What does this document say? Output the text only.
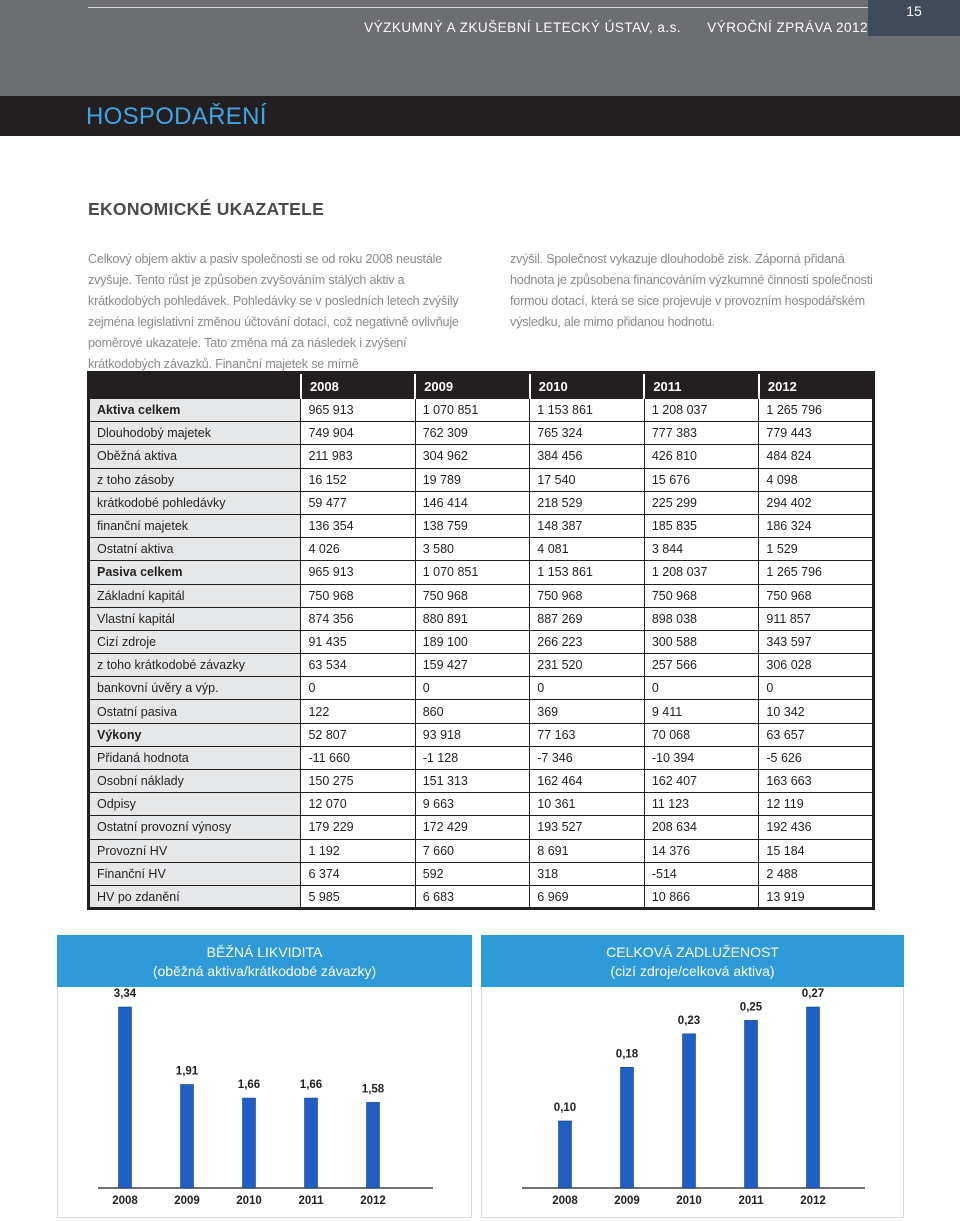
15
VÝZKUMNÝ A ZKUŠEBNÍ LETECKÝ ÚSTAV, a.s. VÝROČNÍ ZPRÁVA 2012
HOSPODAŘENÍ
EKONOMICKÉ UKAZATELE
Celkový objem aktiv a pasiv společnosti se od roku 2008 neustále zvyšuje. Tento růst je způsoben zvyšováním stálých aktiv a krátkodobých pohledávek. Pohledávky se v posledních letech zvýšily zejména legislativní změnou účtování dotací, což negativně ovlivňuje poměrové ukazatele. Tato změna má za následek i zvýšení krátkodobých závazků. Finanční majetek se mírně
zvýšil. Společnost vykazuje dlouhodobě zisk. Záporná přidaná hodnota je způsobena financováním výzkumné činnosti společnosti formou dotací, která se sice projevuje v provozním hospodářském výsledku, ale mimo přidanou hodnotu.
	2008	2009	2010	2011	2012
Aktiva celkem	965 913	1 070 851	1 153 861	1 208 037	1 265 796
Dlouhodobý majetek	749 904	762 309	765 324	777 383	779 443
Oběžná aktiva	211 983	304 962	384 456	426 810	484 824
z toho zásoby	16 152	19 789	17 540	15 676	4 098
krátkodobé pohledávky	59 477	146 414	218 529	225 299	294 402
finanční majetek	136 354	138 759	148 387	185 835	186 324
Ostatní aktiva	4 026	3 580	4 081	3 844	1 529
Pasiva celkem	965 913	1 070 851	1 153 861	1 208 037	1 265 796
Základní kapitál	750 968	750 968	750 968	750 968	750 968
Vlastní kapitál	874 356	880 891	887 269	898 038	911 857
Cizí zdroje	91 435	189 100	266 223	300 588	343 597
z toho krátkodobé závazky	63 534	159 427	231 520	257 566	306 028
bankovní úvěry a výp.	0	0	0	0	0
Ostatní pasiva	122	860	369	9 411	10 342
Výkony	52 807	93 918	77 163	70 068	63 657
Přidaná hodnota	-11 660	-1 128	-7 346	-10 394	-5 626
Osobní náklady	150 275	151 313	162 464	162 407	163 663
Odpisy	12 070	9 663	10 361	11 123	12 119
Ostatní provozní výnosy	179 229	172 429	193 527	208 634	192 436
Provozní HV	1 192	7 660	8 691	14 376	15 184
Finanční HV	6 374	592	318	-514	2 488
HV po zdanění	5 985	6 683	6 969	10 866	13 919
BĚŽNÁ LIKVIDITA
(oběžná aktiva/krátkodobé závazky)
3,34
2008
1,91
2009
1,66
2010
1,66
2011
1,58
2012
CELKOVÁ ZADLUŽENOST
(cizí zdroje/celková aktiva)
0,10
2008
0,18
2009
0,23
2010
0,25
2011
0,27
2012
